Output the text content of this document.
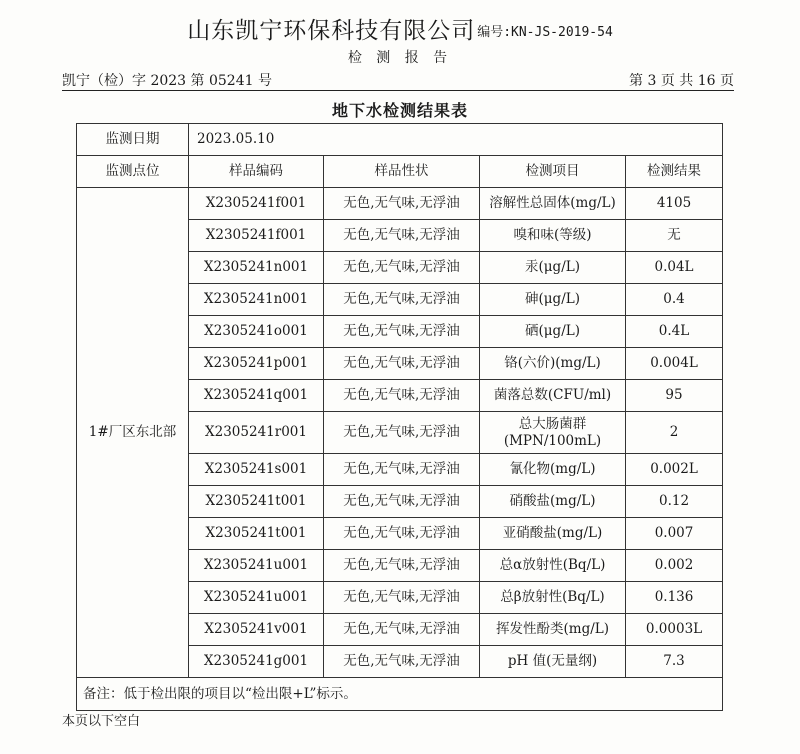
山东凯宁环保科技有限公司 编号:KN-JS-2019-54
检 测 报 告
凯宁（检）字 2023 第 05241 号	第 3 页 共 16 页
地下水检测结果表
监测日期	2023.05.10			
监测点位	样品编码	样品性状	检测项目	检测结果
1#厂区东北部	X2305241f001	无色,无气味,无浮油	溶解性总固体(mg/L)	4105
	X2305241f001	无色,无气味,无浮油	嗅和味(等级)	无
	X2305241n001	无色,无气味,无浮油	汞(μg/L)	0.04L
	X2305241n001	无色,无气味,无浮油	砷(μg/L)	0.4
	X2305241o001	无色,无气味,无浮油	硒(μg/L)	0.4L
	X2305241p001	无色,无气味,无浮油	铬(六价)(mg/L)	0.004L
	X2305241q001	无色,无气味,无浮油	菌落总数(CFU/ml)	95
	X2305241r001	无色,无气味,无浮油	总大肠菌群
(MPN/100mL)	2
	X2305241s001	无色,无气味,无浮油	氰化物(mg/L)	0.002L
	X2305241t001	无色,无气味,无浮油	硝酸盐(mg/L)	0.12
	X2305241t001	无色,无气味,无浮油	亚硝酸盐(mg/L)	0.007
	X2305241u001	无色,无气味,无浮油	总α放射性(Bq/L)	0.002
	X2305241u001	无色,无气味,无浮油	总β放射性(Bq/L)	0.136
	X2305241v001	无色,无气味,无浮油	挥发性酚类(mg/L)	0.0003L
	X2305241g001	无色,无气味,无浮油	pH 值(无量纲)	7.3
备注：低于检出限的项目以“检出限+L”标示。				
本页以下空白
